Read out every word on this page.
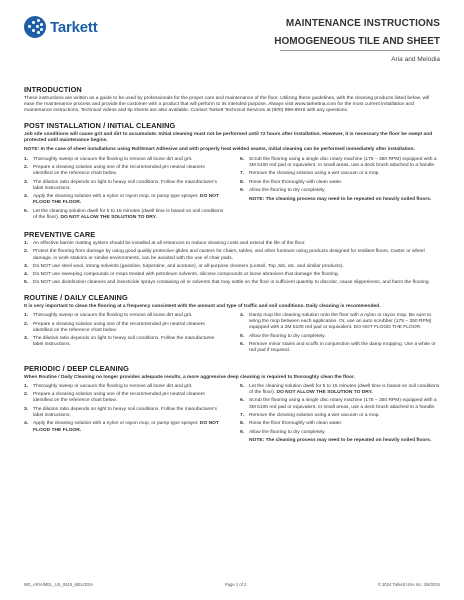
Tarkett	MAINTENANCE INSTRUCTIONS
HOMOGENEOUS TILE AND SHEET
Aria and Melodia
INTRODUCTION

These instructions are written as a guide to be used by professionals for the proper care and maintenance of the floor. Utilizing these guidelines, with the cleaning products listed below, will ease the maintenance process and provide the customer with a product that will perform to its intended purpose. Always visit www.tarkettna.com for the most current installation and maintenance instructions, Technical videos and tip sheets are also available. Contact Tarkett Technical Services at (800) 899-8916 with any questions.

POST INSTALLATION / INITIAL CLEANING

Job site conditions will cause grit and dirt to accumulate. Initial cleaning must not be performed until 72 hours after installation. However, it is necessary the floor be swept and protected until maintenance begins.

NOTE: In the case of sheet installations using RollSmart Adhesive and with properly heat welded seams, initial cleaning can be performed immediately after installation.

1. Thoroughly sweep or vacuum the flooring to remove all loose dirt and grit.
2. Prepare a cleaning solution using one of the recommended pH neutral cleaners identified on the reference chart below.
3. The dilution ratio depends on light to heavy soil conditions. Follow the manufacturer's label instructions.
4. Apply the cleaning solution with a nylon or rayon mop, or pump type sprayer. DO NOT FLOOD THE FLOOR.
5. Let the cleaning solution dwell for 5 to 15 minutes (dwell time is based on soil conditions of the floor). DO NOT ALLOW THE SOLUTION TO DRY.
6. Scrub the flooring using a single disc rotary machine (175 – 350 RPM) equipped with a 3M 5100 red pad or equivalent. In small areas, use a deck brush attached to a handle.
7. Remove the cleaning solution using a wet vacuum or a mop.
8. Rinse the floor thoroughly with clean water.
9. Allow the flooring to dry completely.
NOTE: The cleaning process may need to be repeated on heavily soiled floors.
PREVENTIVE CARE
1. An effective barrier matting system should be installed at all entrances to reduce cleaning costs and extend the life of the floor.
2. Protect the flooring from damage by using good quality protective glides and casters for chairs, tables, and other furniture using products designed for resilient floors. Caster or wheel damage, in work stations or similar environments, can be avoided with the use of chair pads.
3. Do NOT use steel wool, strong solvents (gasoline, turpentine, and acetone), or all-purpose cleaners (Lestoil, Top Job, etc. and similar products).
4. Do NOT use sweeping compounds or mops treated with petroleum solvents, silicone compounds or loose abrasives that damage the flooring.
5. Do NOT use disinfection cleaners and insecticide sprays containing oil or solvents that may settle on the floor in sufficient quantity to discolor, cause slipperiness, and harm the flooring.
ROUTINE / DAILY CLEANING

It is very important to clean the flooring at a frequency consistent with the amount and type of traffic and soil conditions. Daily cleaning is recommended.

1. Thoroughly sweep or vacuum the flooring to remove all loose dirt and grit.
2. Prepare a cleaning solution using one of the recommended pH neutral cleaners identified on the reference chart below.
3. The dilution ratio depends on light to heavy soil conditions. Follow the manufactures label instructions.
4. Damp mop the cleaning solution onto the floor with a nylon or rayon mop. Be sure to wring the mop between each application. Or, use an auto scrubber (175 – 350 RPM) equipped with a 3M 5100 red pad or equivalent. DO NOT FLOOD THE FLOOR.
5. Allow the flooring to dry completely.
6. Remove minor stains and scuffs in conjunction with the damp mopping. Use a white or red pad if required.
PERIODIC / DEEP CLEANING

When Routine / Daily Cleaning no longer provides adequate results, a more aggressive deep cleaning is required to thoroughly clean the floor.

1. Thoroughly sweep or vacuum the flooring to remove all loose dirt and grit.
2. Prepare a cleaning solution using one of the recommended pH neutral cleaners identified on the reference chart below.
3. The dilution ratio depends on light to heavy soil conditions. Follow the manufacturer's label instructions.
4. Apply the cleaning solution with a nylon or rayon mop, or pump type sprayer. DO NOT FLOOD THE FLOOR.
5. Let the cleaning solution dwell for 5 to 15 minutes (dwell time is based on soil conditions of the floor). DO NOT ALLOW THE SOLUTION TO DRY.
6. Scrub the flooring using a single disc rotary machine (175 – 350 RPM) equipped with a 3M 5100 red pad or equivalent. In small areas, use a deck brush attached to a handle.
7. Remove the cleaning solution using a wet vacuum or a mop.
8. Rinse the floor thoroughly with clean water.
9. Allow the flooring to dry completely.
NOTE: The cleaning process may need to be repeated on heavily soiled floors.
MD_ARIA/MEL_US_0618_MELODIA	Page 1 of 2	© 2024 Tarkett USA Inc. 3/6/2024
